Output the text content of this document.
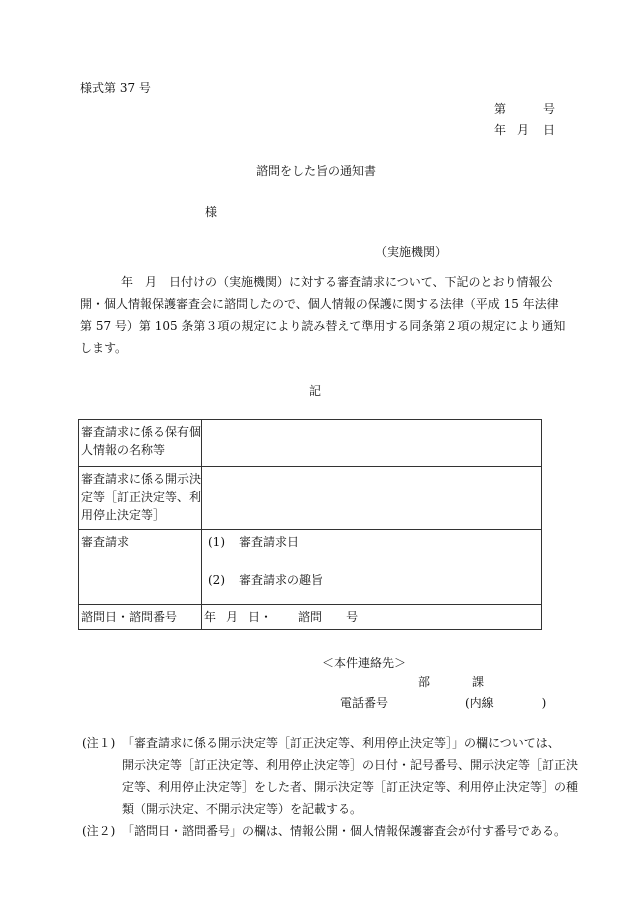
様式第 37 号
第	号
年 月 日
諮問をした旨の通知書
様
（実施機関）
年　月　日付けの（実施機関）に対する審査請求について、下記のとおり情報公
開・個人情報保護審査会に諮問したので、個人情報の保護に関する法律（平成 15 年法律
第 57 号）第 105 条第３項の規定により読み替えて準用する同条第２項の規定により通知
します。
記
審査請求に係る保有個
人情報の名称等	

審査請求に係る開示決
定等［訂正決定等、利
用停止決定等］	

審査請求	(1) 審査請求日
(2) 審査請求の趣旨

諮問日・諮問番号	年 月 日・ 諮問 号
＜本件連絡先＞
部	課
電話番号	(内線　　　　)
(注１) 「審査請求に係る開示決定等［訂正決定等、利用停止決定等］」の欄については、
開示決定等［訂正決定等、利用停止決定等］の日付・記号番号、開示決定等［訂正決
定等、利用停止決定等］をした者、開示決定等［訂正決定等、利用停止決定等］の種
類（開示決定、不開示決定等）を記載する。
(注２) 「諮問日・諮問番号」の欄は、情報公開・個人情報保護審査会が付す番号である。
